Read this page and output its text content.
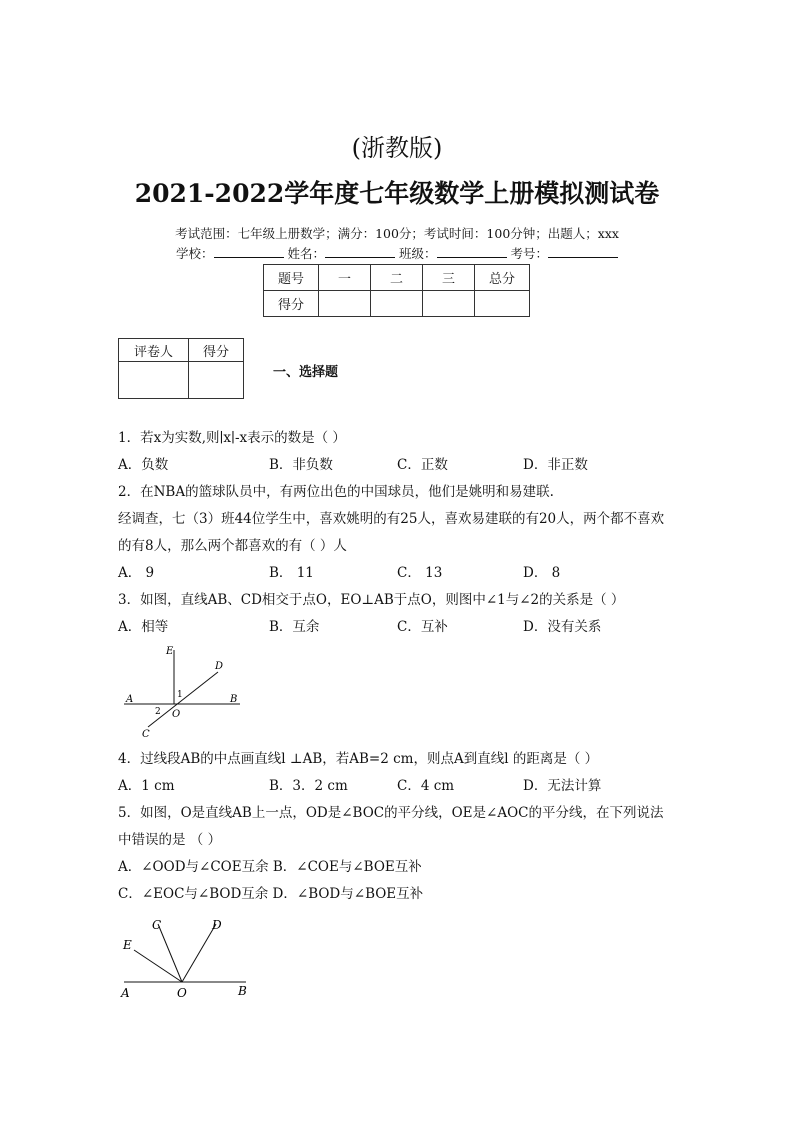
(浙教版)
2021-2022学年度七年级数学上册模拟测试卷
考试范围：七年级上册数学；满分：100分；考试时间：100分钟；出题人；xxx
学校：	姓名：	班级：	考号：
题号	一	二	三	总分
得分				
评卷人	得分

一、选择题
1．若x为实数,则∣x∣-x表示的数是（ ）
A．负数	B．非负数	C．正数	D．非正数
2．在NBA的篮球队员中，有两位出色的中国球员，他们是姚明和易建联.
经调查，七（3）班44位学生中，喜欢姚明的有25人，喜欢易建联的有20人，两个都不喜欢
的有8人，那么两个都喜欢的有（ ）人
A． 9	B． 11	C． 13	D． 8
3．如图，直线AB、CD相交于点O，EO⊥AB于点O，则图中∠1与∠2的关系是（ ）
A．相等	B．互余	C．互补	D．没有关系
E
D
A	B
O
C
1
2
4．过线段AB的中点画直线l ⊥AB，若AB=2 cm，则点A到直线l 的距离是（ ）
A．1 cm	B．3．2 cm	C．4 cm	D．无法计算
5．如图，O是直线AB上一点，OD是∠BOC的平分线，OE是∠AOC的平分线，在下列说法
中错误的是 （ ）
A．∠OOD与∠COE互余 B．∠COE与∠BOE互补
C．∠EOC与∠BOD互余 D．∠BOD与∠BOE互补
C	D
E
A	O	B
